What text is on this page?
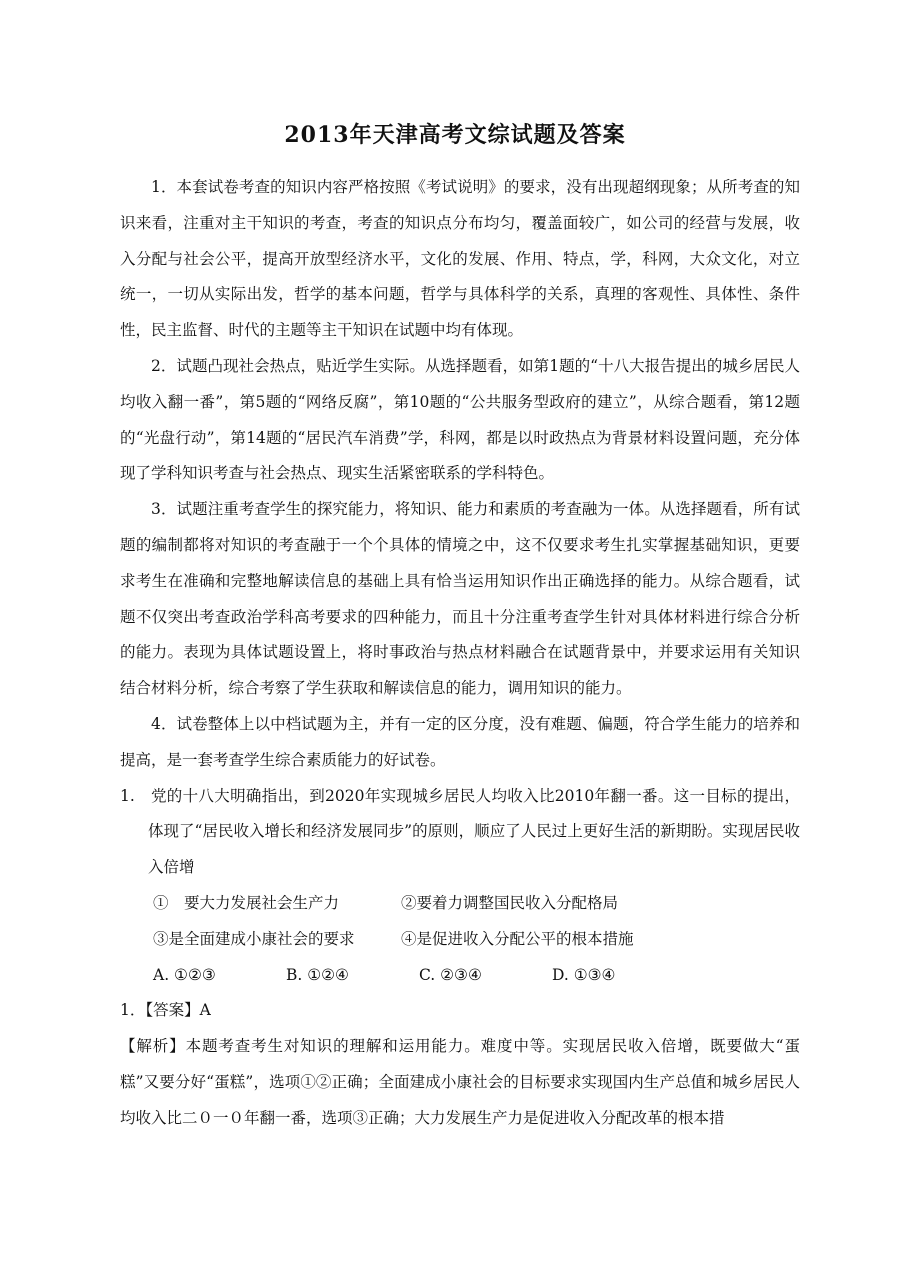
2013年天津高考文综试题及答案

1．本套试卷考查的知识内容严格按照《考试说明》的要求，没有出现超纲现象；从所考查的知识来看，注重对主干知识的考查，考查的知识点分布均匀，覆盖面较广，如公司的经营与发展，收入分配与社会公平，提高开放型经济水平，文化的发展、作用、特点，学，科网，大众文化，对立统一，一切从实际出发，哲学的基本问题，哲学与具体科学的关系，真理的客观性、具体性、条件性，民主监督、时代的主题等主干知识在试题中均有体现。

2．试题凸现社会热点，贴近学生实际。从选择题看，如第1题的“十八大报告提出的城乡居民人均收入翻一番”，第5题的“网络反腐”，第10题的“公共服务型政府的建立”，从综合题看，第12题的“光盘行动”，第14题的“居民汽车消费”学，科网，都是以时政热点为背景材料设置问题，充分体现了学科知识考查与社会热点、现实生活紧密联系的学科特色。

3．试题注重考查学生的探究能力，将知识、能力和素质的考查融为一体。从选择题看，所有试题的编制都将对知识的考查融于一个个具体的情境之中，这不仅要求考生扎实掌握基础知识，更要求考生在准确和完整地解读信息的基础上具有恰当运用知识作出正确选择的能力。从综合题看，试题不仅突出考查政治学科高考要求的四种能力，而且十分注重考查学生针对具体材料进行综合分析的能力。表现为具体试题设置上，将时事政治与热点材料融合在试题背景中，并要求运用有关知识结合材料分析，综合考察了学生获取和解读信息的能力，调用知识的能力。

4．试卷整体上以中档试题为主，并有一定的区分度，没有难题、偏题，符合学生能力的培养和提高，是一套考查学生综合素质能力的好试卷。

1.　党的十八大明确指出，到2020年实现城乡居民人均收入比2010年翻一番。这一目标的提出，体现了“居民收入增长和经济发展同步”的原则，顺应了人民过上更好生活的新期盼。实现居民收入倍增

①　要大力发展社会生产力	②要着力调整国民收入分配格局
③是全面建成小康社会的要求	④是促进收入分配公平的根本措施
A. ①②③	B. ①②④	C. ②③④	D. ①③④

1．【答案】A

【解析】本题考查考生对知识的理解和运用能力。难度中等。实现居民收入倍增，既要做大“蛋糕”又要分好“蛋糕”，选项①②正确；全面建成小康社会的目标要求实现国内生产总值和城乡居民人均收入比二０一０年翻一番，选项③正确；大力发展生产力是促进收入分配改革的根本措
